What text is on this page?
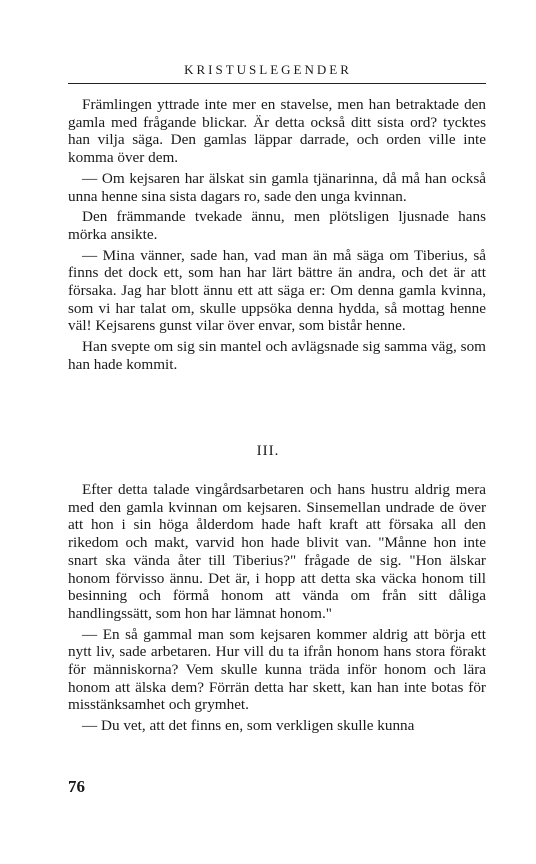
KRISTUSLEGENDER

Främlingen yttrade inte mer en stavelse, men han betraktade den gamla med frågande blickar. Är detta också ditt sista ord? tycktes han vilja säga. Den gamlas läppar darrade, och orden ville inte komma över dem.

— Om kejsaren har älskat sin gamla tjänarinna, då må han också unna henne sina sista dagars ro, sade den unga kvinnan.

Den främmande tvekade ännu, men plötsligen ljusnade hans mörka ansikte.

— Mina vänner, sade han, vad man än må säga om Tiberius, så finns det dock ett, som han har lärt bättre än andra, och det är att försaka. Jag har blott ännu ett att säga er: Om denna gamla kvinna, som vi har talat om, skulle uppsöka denna hydda, så mottag henne väl! Kejsarens gunst vilar över envar, som bistår henne.

Han svepte om sig sin mantel och avlägsnade sig samma väg, som han hade kommit.

III.

Efter detta talade vingårdsarbetaren och hans hustru aldrig mera med den gamla kvinnan om kejsaren. Sinsemellan undrade de över att hon i sin höga ålderdom hade haft kraft att försaka all den rikedom och makt, varvid hon hade blivit van. "Månne hon inte snart ska vända åter till Tiberius?" frågade de sig. "Hon älskar honom förvisso ännu. Det är, i hopp att detta ska väcka honom till besinning och förmå honom att vända om från sitt dåliga handlingssätt, som hon har lämnat honom."

— En så gammal man som kejsaren kommer aldrig att börja ett nytt liv, sade arbetaren. Hur vill du ta ifrån honom hans stora förakt för människorna? Vem skulle kunna träda inför honom och lära honom att älska dem? Förrän detta har skett, kan han inte botas för misstänksamhet och grymhet.

— Du vet, att det finns en, som verkligen skulle kunna

76
